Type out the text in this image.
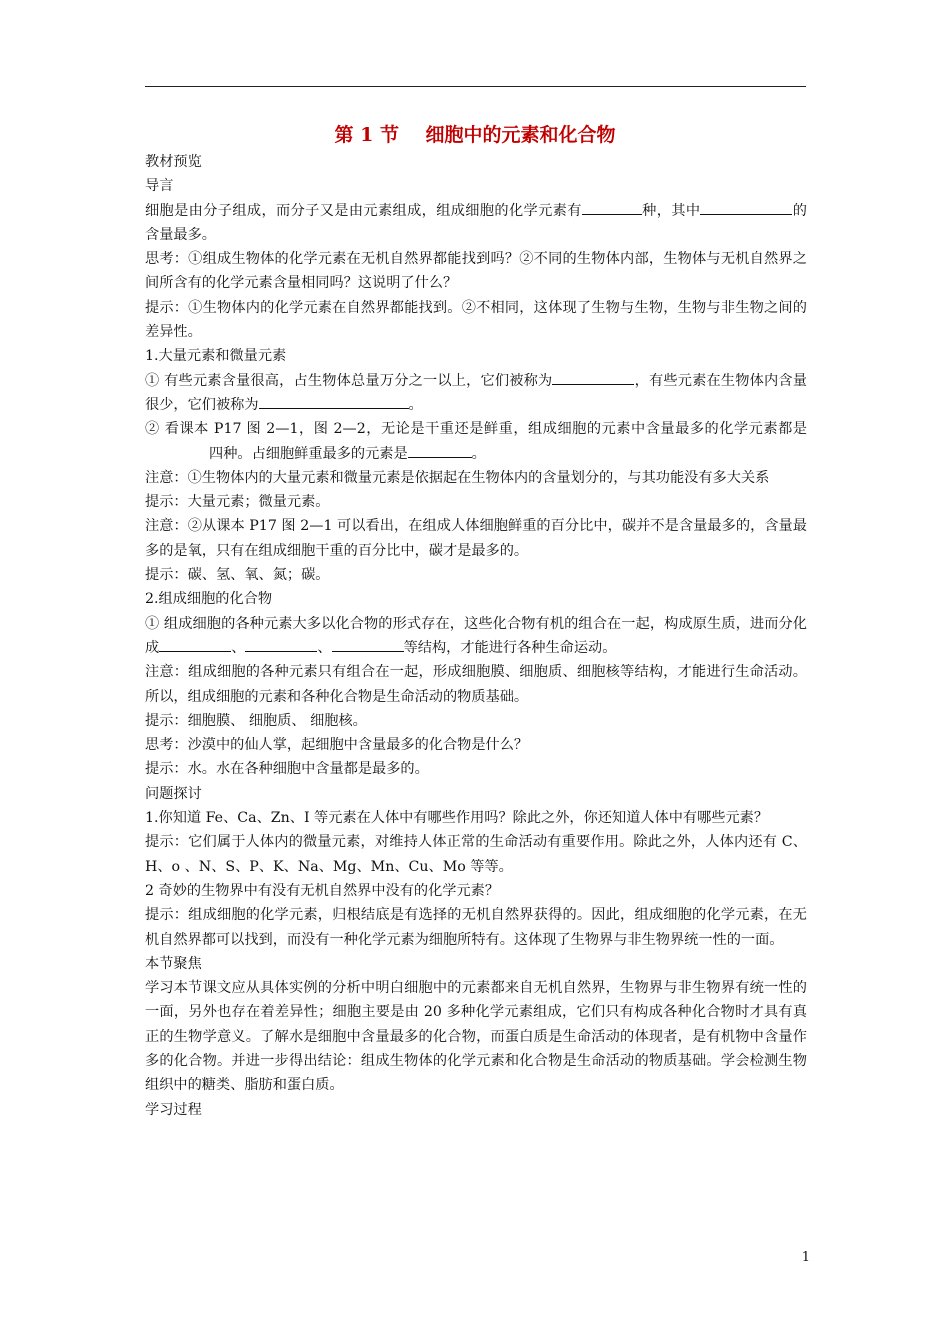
第 1 节    细胞中的元素和化合物

教材预览

导言

细胞是由分子组成，而分子又是由元素组成，组成细胞的化学元素有	种，其中	的含量最多。

思考：①组成生物体的化学元素在无机自然界都能找到吗？②不同的生物体内部，生物体与无机自然界之间所含有的化学元素含量相同吗？这说明了什么？

提示：①生物体内的化学元素在自然界都能找到。②不相同，这体现了生物与生物，生物与非生物之间的差异性。

1.大量元素和微量元素

① 有些元素含量很高，占生物体总量万分之一以上，它们被称为	，有些元素在生物体内含量很少，它们被称为	。

② 看课本 P17 图 2—1，图 2—2，无论是干重还是鲜重，组成细胞的元素中含量最多的化学元素都是四种。占细胞鲜重最多的元素是	。

注意：①生物体内的大量元素和微量元素是依据起在生物体内的含量划分的，与其功能没有多大关系

提示：大量元素；微量元素。

注意：②从课本 P17 图 2—1 可以看出，在组成人体细胞鲜重的百分比中，碳并不是含量最多的，含量最多的是氧，只有在组成细胞干重的百分比中，碳才是最多的。

提示：碳、氢、氧、氮；碳。

2.组成细胞的化合物

① 组成细胞的各种元素大多以化合物的形式存在，这些化合物有机的组合在一起，构成原生质，进而分化成	、	、	等结构，才能进行各种生命运动。

注意：组成细胞的各种元素只有组合在一起，形成细胞膜、细胞质、细胞核等结构，才能进行生命活动。所以，组成细胞的元素和各种化合物是生命活动的物质基础。

提示：细胞膜、 细胞质、 细胞核。

思考：沙漠中的仙人掌，起细胞中含量最多的化合物是什么？

提示：水。水在各种细胞中含量都是最多的。

问题探讨

1.你知道 Fe、Ca、Zn、I 等元素在人体中有哪些作用吗？除此之外，你还知道人体中有哪些元素？

提示：它们属于人体内的微量元素，对维持人体正常的生命活动有重要作用。除此之外，人体内还有 C、H、o 、N、S、P、K、Na、Mg、Mn、Cu、Mo 等等。

2 奇妙的生物界中有没有无机自然界中没有的化学元素？

提示：组成细胞的化学元素，归根结底是有选择的无机自然界获得的。因此，组成细胞的化学元素，在无机自然界都可以找到，而没有一种化学元素为细胞所特有。这体现了生物界与非生物界统一性的一面。

本节聚焦

学习本节课文应从具体实例的分析中明白细胞中的元素都来自无机自然界，生物界与非生物界有统一性的一面，另外也存在着差异性；细胞主要是由 20 多种化学元素组成，它们只有构成各种化合物时才具有真正的生物学意义。了解水是细胞中含量最多的化合物，而蛋白质是生命活动的体现者，是有机物中含量作多的化合物。并进一步得出结论：组成生物体的化学元素和化合物是生命活动的物质基础。学会检测生物组织中的糖类、脂肪和蛋白质。

学习过程

1
